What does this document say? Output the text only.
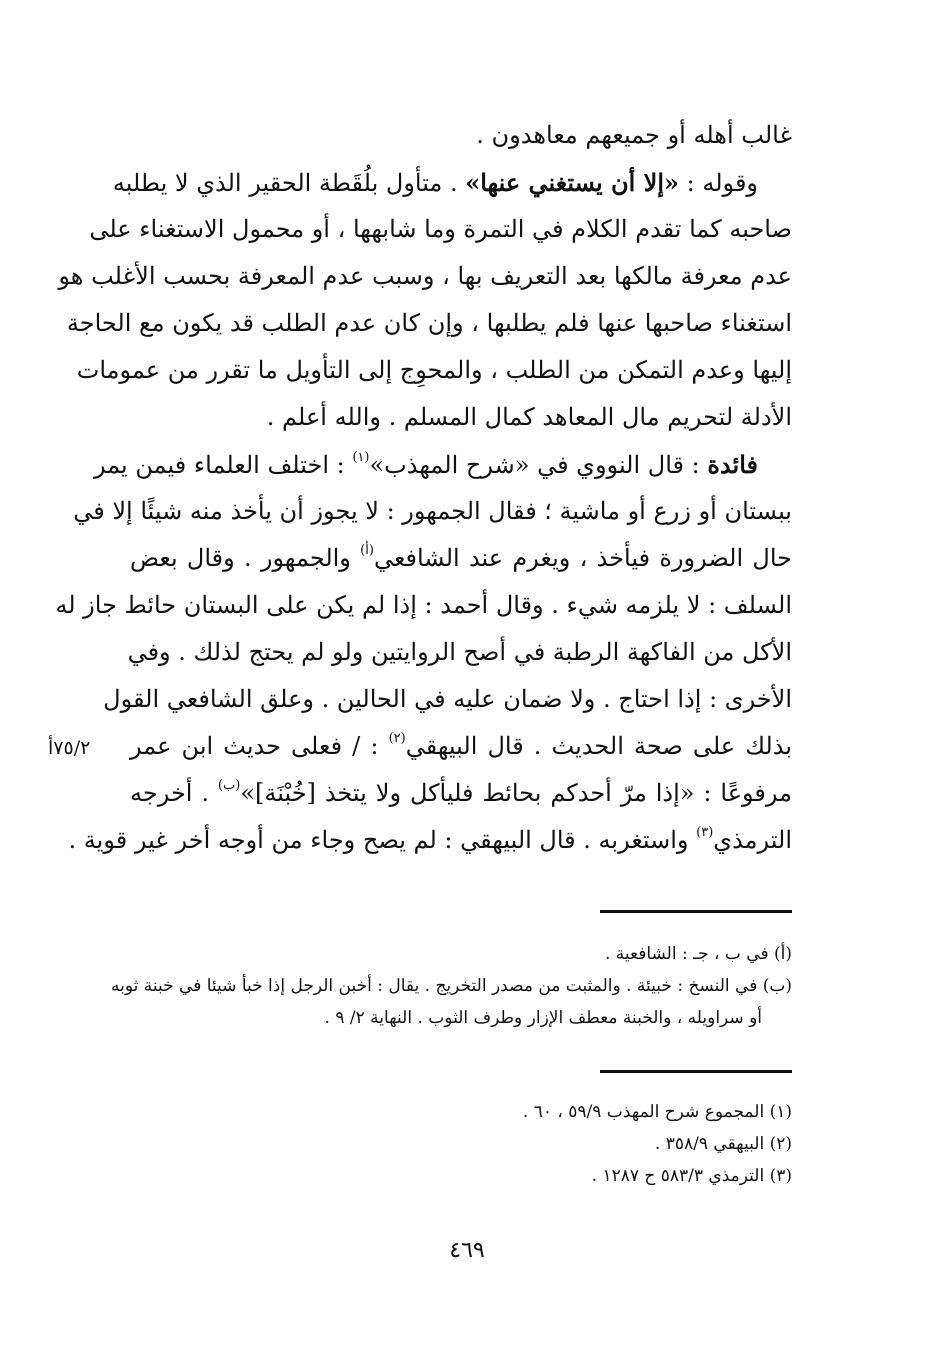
غالب أهله أو جميعهم معاهدون .
وقوله : «إلا أن يستغني عنها» . متأول بلُقَطة الحقير الذي لا يطلبه
صاحبه كما تقدم الكلام في التمرة وما شابهها ، أو محمول الاستغناء على
عدم معرفة مالكها بعد التعريف بها ، وسبب عدم المعرفة بحسب الأغلب هو
استغناء صاحبها عنها فلم يطلبها ، وإن كان عدم الطلب قد يكون مع الحاجة
إليها وعدم التمكن من الطلب ، والمحوِج إلى التأويل ما تقرر من عمومات
الأدلة لتحريم مال المعاهد كمال المسلم . والله أعلم .
فائدة : قال النووي في «شرح المهذب»$^{(١)}$ : اختلف العلماء فيمن يمر
ببستان أو زرع أو ماشية ؛ فقال الجمهور : لا يجوز أن يأخذ منه شيئًا إلا في
حال الضرورة فيأخذ ، ويغرم عند الشافعي$^{(أ)}$ والجمهور . وقال بعض
السلف : لا يلزمه شيء . وقال أحمد : إذا لم يكن على البستان حائط جاز له
الأكل من الفاكهة الرطبة في أصح الروايتين ولو لم يحتج لذلك . وفي
الأخرى : إذا احتاج . ولا ضمان عليه في الحالين . وعلق الشافعي القول
بذلك على صحة الحديث . قال البيهقي$^{(٢)}$ : / فعلى حديث ابن عمر
مرفوعًا : «إذا مرّ أحدكم بحائط فليأكل ولا يتخذ [خُبْنَة]»$^{(ب)}$ . أخرجه
الترمذي$^{(٣)}$ واستغربه . قال البيهقي : لم يصح وجاء من أوجه أخر غير قوية .
٧٥/٢أ
(أ) في ب ، جـ : الشافعية .
(ب) في النسخ : خبيئة . والمثبت من مصدر التخريج . يقال : أخبن الرجل إذا خبأ شيئا في خبنة ثوبه
أو سراويله ، والخبنة معطف الإزار وطرف الثوب . النهاية ٢/ ٩ .
(١) المجموع شرح المهذب ٥٩/٩ ، ٦٠ .
(٢) البيهقي ٣٥٨/٩ .
(٣) الترمذي ٥٨٣/٣ ح ١٢٨٧ .
٤٦٩
